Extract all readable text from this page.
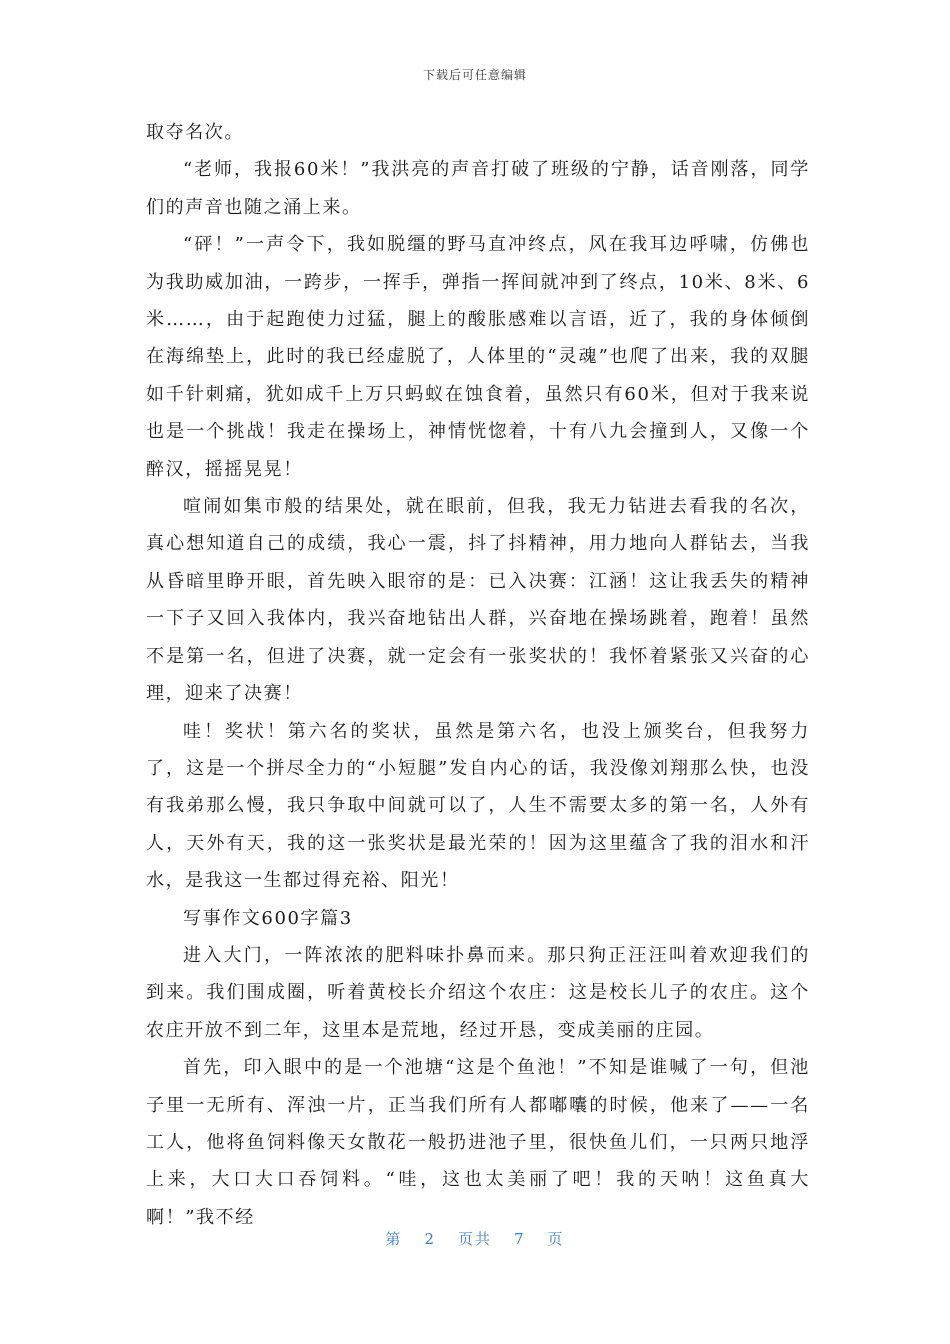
下载后可任意编辑

取夺名次。

“老师，我报60米！”我洪亮的声音打破了班级的宁静，话音刚落，同学们的声音也随之涌上来。

“砰！”一声令下，我如脱缰的野马直冲终点，风在我耳边呼啸，仿佛也为我助威加油，一跨步，一挥手，弹指一挥间就冲到了终点，10米、8米、6米……，由于起跑使力过猛，腿上的酸胀感难以言语，近了，我的身体倾倒在海绵垫上，此时的我已经虚脱了，人体里的“灵魂”也爬了出来，我的双腿如千针刺痛，犹如成千上万只蚂蚁在蚀食着，虽然只有60米，但对于我来说也是一个挑战！我走在操场上，神情恍惚着，十有八九会撞到人，又像一个醉汉，摇摇晃晃！

喧闹如集市般的结果处，就在眼前，但我，我无力钻进去看我的名次，真心想知道自己的成绩，我心一震，抖了抖精神，用力地向人群钻去，当我从昏暗里睁开眼，首先映入眼帘的是：已入决赛：江涵！这让我丢失的精神一下子又回入我体内，我兴奋地钻出人群，兴奋地在操场跳着，跑着！虽然不是第一名，但进了决赛，就一定会有一张奖状的！我怀着紧张又兴奋的心理，迎来了决赛！

哇！奖状！第六名的奖状，虽然是第六名，也没上颁奖台，但我努力了，这是一个拼尽全力的“小短腿”发自内心的话，我没像刘翔那么快，也没有我弟那么慢，我只争取中间就可以了，人生不需要太多的第一名，人外有人，天外有天，我的这一张奖状是最光荣的！因为这里蕴含了我的泪水和汗水，是我这一生都过得充裕、阳光！

写事作文600字篇3

进入大门，一阵浓浓的肥料味扑鼻而来。那只狗正汪汪叫着欢迎我们的到来。我们围成圈，听着黄校长介绍这个农庄：这是校长儿子的农庄。这个农庄开放不到二年，这里本是荒地，经过开恳，变成美丽的庄园。

首先，印入眼中的是一个池塘“这是个鱼池！”不知是谁喊了一句，但池子里一无所有、浑浊一片，正当我们所有人都嘟囔的时候，他来了——一名工人，他将鱼饲料像天女散花一般扔进池子里，很快鱼儿们，一只两只地浮上来，大口大口吞饲料。“哇，这也太美丽了吧！我的天呐！这鱼真大啊！”我不经

第 2 页共 7 页
